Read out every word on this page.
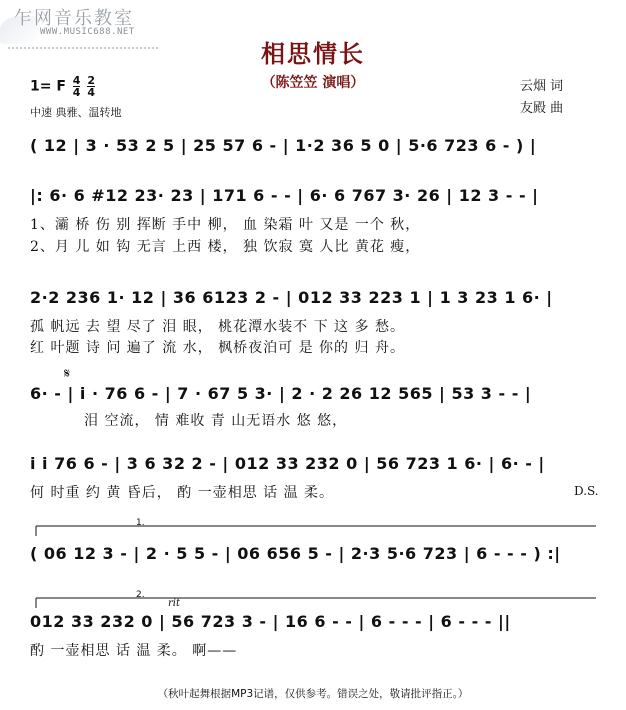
乍网音乐教室
WWW.MUSIC688.NET
相思情长
（陈笠笠 演唱）	云烟 词
友殿 曲
1= F $\frac{4}{4}$
$\frac{2}{4}$
中速 典雅、温转地
( 12 | 3 · 53 2 5 | 25 57 6 - | 1·2 36 5 0 | 5·6 723 6 - ) |
|: 6· 6 #12 23· 23 | 171 6 - - | 6· 6 767 3· 26 | 12 3 - - |
1、灞 桥 伤 别 挥断 手中 柳， 血 染霜 叶 又是 一个 秋，
2、月 儿 如 钩 无言 上西 楼， 独 饮寂 寞 人比 黄花 瘦，
2·2 236 1· 12 | 36 6123 2 - | 012 33 223 1 | 1 3 23 1 6· |
孤 帆远 去 望 尽了 泪 眼， 桃花潭水装不 下 这 多 愁。
红 叶题 诗 问 遍了 流 水， 枫桥夜泊可 是 你的 归 舟。
𝄋
6· - | i · 76 6 - | 7 · 67 5 3· | 2 · 2 26 12 565 | 53 3 - - |
泪 空流， 情 难收 青 山无语水 悠 悠，
i i 76 6 - | 3 6 32 2 - | 012 33 232 0 | 56 723 1 6· | 6· - |
何 时重 约 黄 昏后， 酌 一壶相思 话 温 柔。	D.S.
1.
( 06 12 3 - | 2 · 5 5 - | 06 656 5 - | 2·3 5·6 723 | 6 - - - ) :|
2.
rit
012 33 232 0 | 56 723 3 - | 16 6 - - | 6 - - - | 6 - - - ||
酌 一壶相思 话 温 柔。 啊——
（秋叶起舞根据MP3记谱，仅供参考。错误之处，敬请批评指正。）
